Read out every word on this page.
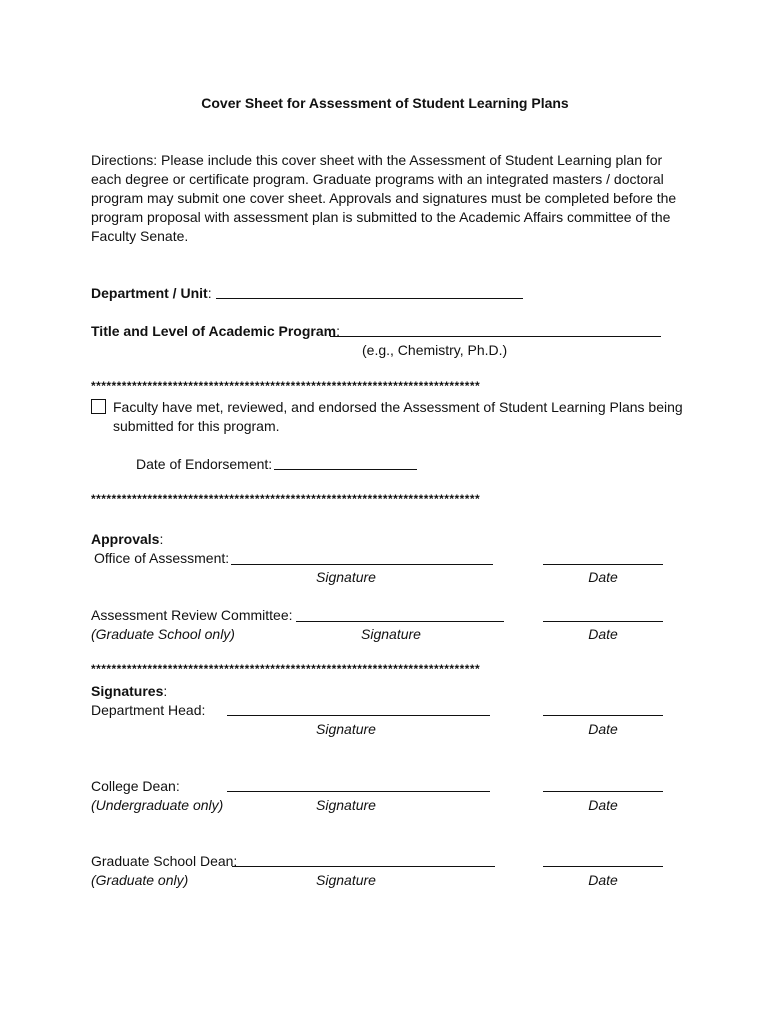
Cover Sheet for Assessment of Student Learning Plans
Directions: Please include this cover sheet with the Assessment of Student Learning plan for each degree or certificate program. Graduate programs with an integrated masters / doctoral program may submit one cover sheet. Approvals and signatures must be completed before the program proposal with assessment plan is submitted to the Academic Affairs committee of the Faculty Senate.
Department / Unit:
Title and Level of Academic Program:
(e.g., Chemistry, Ph.D.)
****************************************************************************
Faculty have met, reviewed, and endorsed the Assessment of Student Learning Plans being
submitted for this program.
Date of Endorsement:
****************************************************************************
Approvals:
Office of Assessment:
Signature	Date
Assessment Review Committee:
(Graduate School only)	Signature	Date
****************************************************************************
Signatures:
Department Head:
Signature	Date
College Dean:
(Undergraduate only)	Signature	Date
Graduate School Dean:
(Graduate only)	Signature	Date
